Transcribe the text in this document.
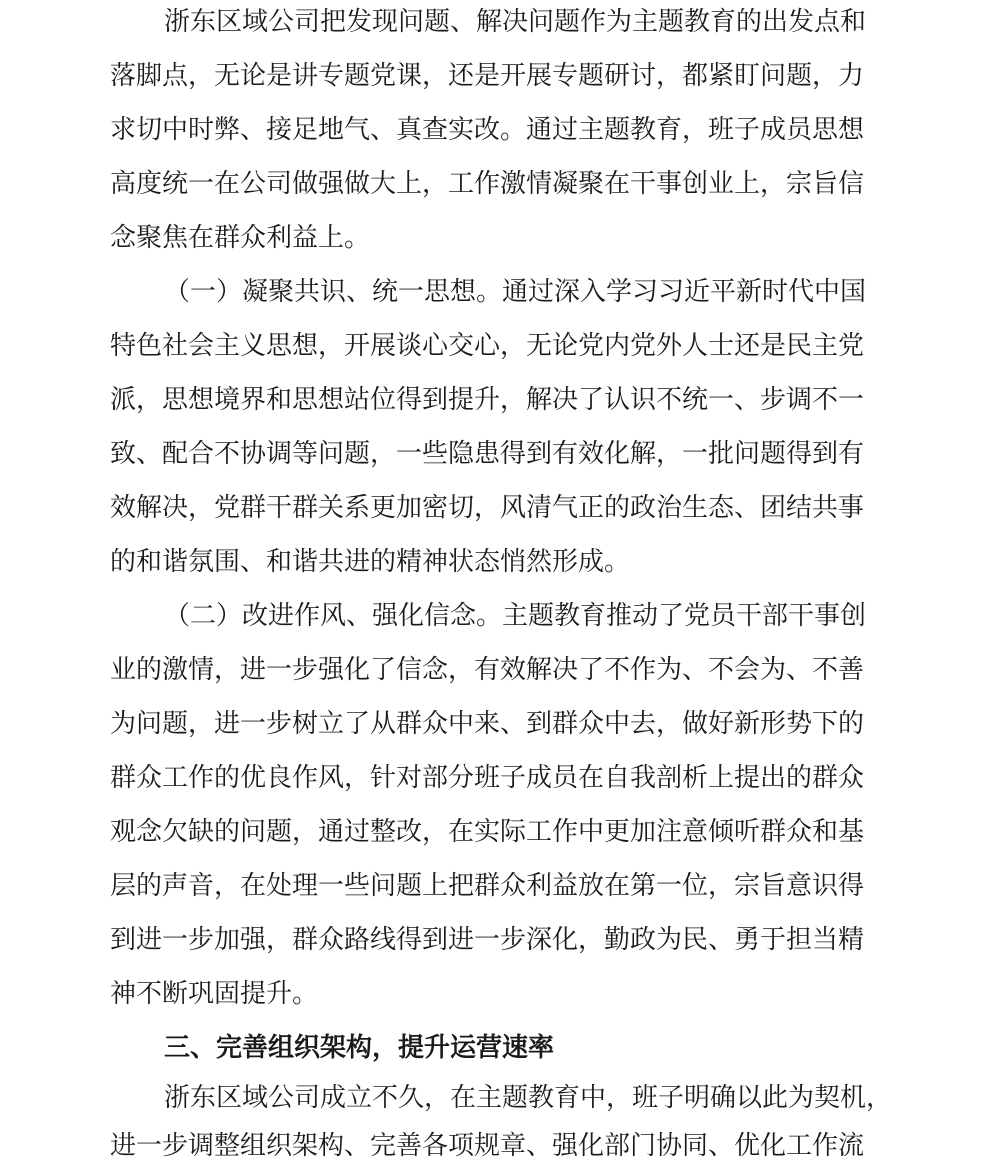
浙东区域公司把发现问题、解决问题作为主题教育的出发点和
落脚点，无论是讲专题党课，还是开展专题研讨，都紧盯问题，力
求切中时弊、接足地气、真查实改。通过主题教育，班子成员思想
高度统一在公司做强做大上，工作激情凝聚在干事创业上，宗旨信
念聚焦在群众利益上。
（一）凝聚共识、统一思想。通过深入学习习近平新时代中国
特色社会主义思想，开展谈心交心，无论党内党外人士还是民主党
派，思想境界和思想站位得到提升，解决了认识不统一、步调不一
致、配合不协调等问题，一些隐患得到有效化解，一批问题得到有
效解决，党群干群关系更加密切，风清气正的政治生态、团结共事
的和谐氛围、和谐共进的精神状态悄然形成。
（二）改进作风、强化信念。主题教育推动了党员干部干事创
业的激情，进一步强化了信念，有效解决了不作为、不会为、不善
为问题，进一步树立了从群众中来、到群众中去，做好新形势下的
群众工作的优良作风，针对部分班子成员在自我剖析上提出的群众
观念欠缺的问题，通过整改，在实际工作中更加注意倾听群众和基
层的声音，在处理一些问题上把群众利益放在第一位，宗旨意识得
到进一步加强，群众路线得到进一步深化，勤政为民、勇于担当精
神不断巩固提升。
三、完善组织架构，提升运营速率
浙东区域公司成立不久，在主题教育中，班子明确以此为契机，
进一步调整组织架构、完善各项规章、强化部门协同、优化工作流
